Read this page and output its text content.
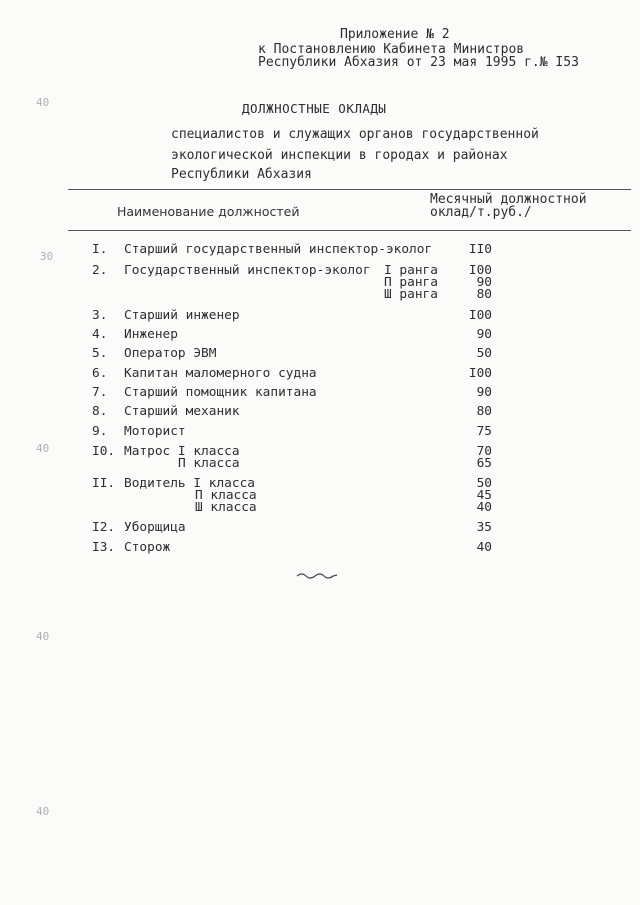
Приложение № 2
к Постановлению Кабинета Министров
Республики Абхазия от 23 мая 1995 г.№ I53
ДОЛЖНОСТНЫЕ ОКЛАДЫ
специалистов и служащих органов государственной
экологической инспекции в городах и районах
Республики Абхазия
Наименование должностей
Месячный должностной
оклад/т.руб./
I. Старший государственный инспектор-эколог	II0
2. Государственный инспектор-эколог I ранга	I00
П ранга	90
Ш ранга	80
3. Старший инженер	I00
4. Инженер	90
5. Оператор ЭВМ	50
6. Капитан маломерного судна	I00
7. Старший помощник капитана	90
8. Старший механик	80
9. Моторист	75
I0. Матрос I класса	70
П класса	65
II. Водитель I класса	50
П класса	45
Ш класса	40
I2. Уборщица	35
I3. Сторож	40
40
30
40
40
40
